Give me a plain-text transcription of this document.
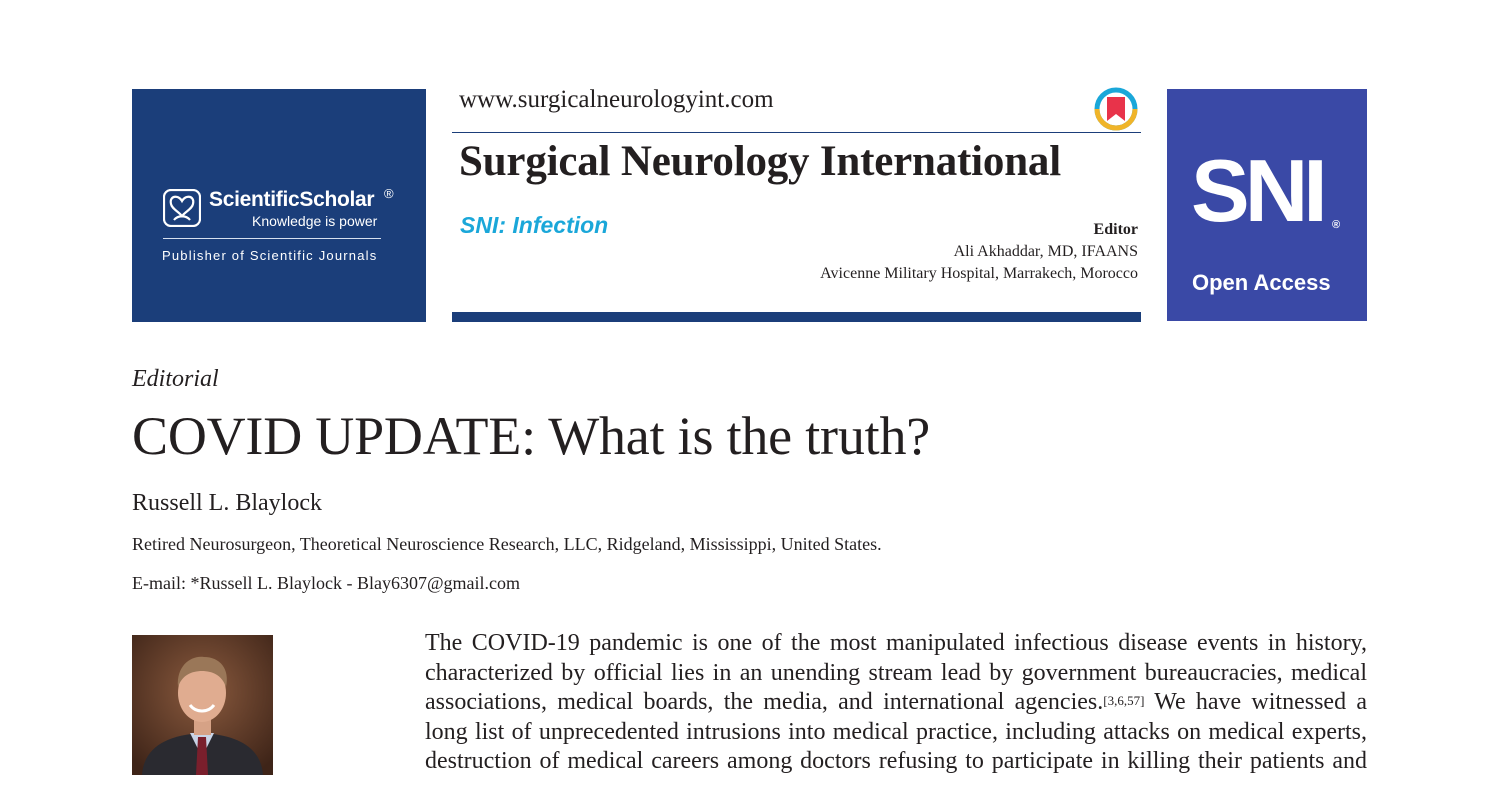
ScientificScholar ®
Knowledge is power
Publisher of Scientific Journals
www.surgicalneurologyint.com
Surgical Neurology International
SNI: Infection	Editor
Ali Akhaddar, MD, IFAANS
Avicenne Military Hospital, Marrakech, Morocco
SNI ®
Open Access
Editorial
COVID UPDATE: What is the truth?
Russell L. Blaylock
Retired Neurosurgeon, Theoretical Neuroscience Research, LLC, Ridgeland, Mississippi, United States.
E-mail: *Russell L. Blaylock - Blay6307@gmail.com
The COVID-19 pandemic is one of the most manipulated infectious disease events in history,
characterized by official lies in an unending stream lead by government bureaucracies, medical
associations, medical boards, the media, and international agencies.[3,6,57] We have witnessed a
long list of unprecedented intrusions into medical practice, including attacks on medical experts,
destruction of medical careers among doctors refusing to participate in killing their patients and
